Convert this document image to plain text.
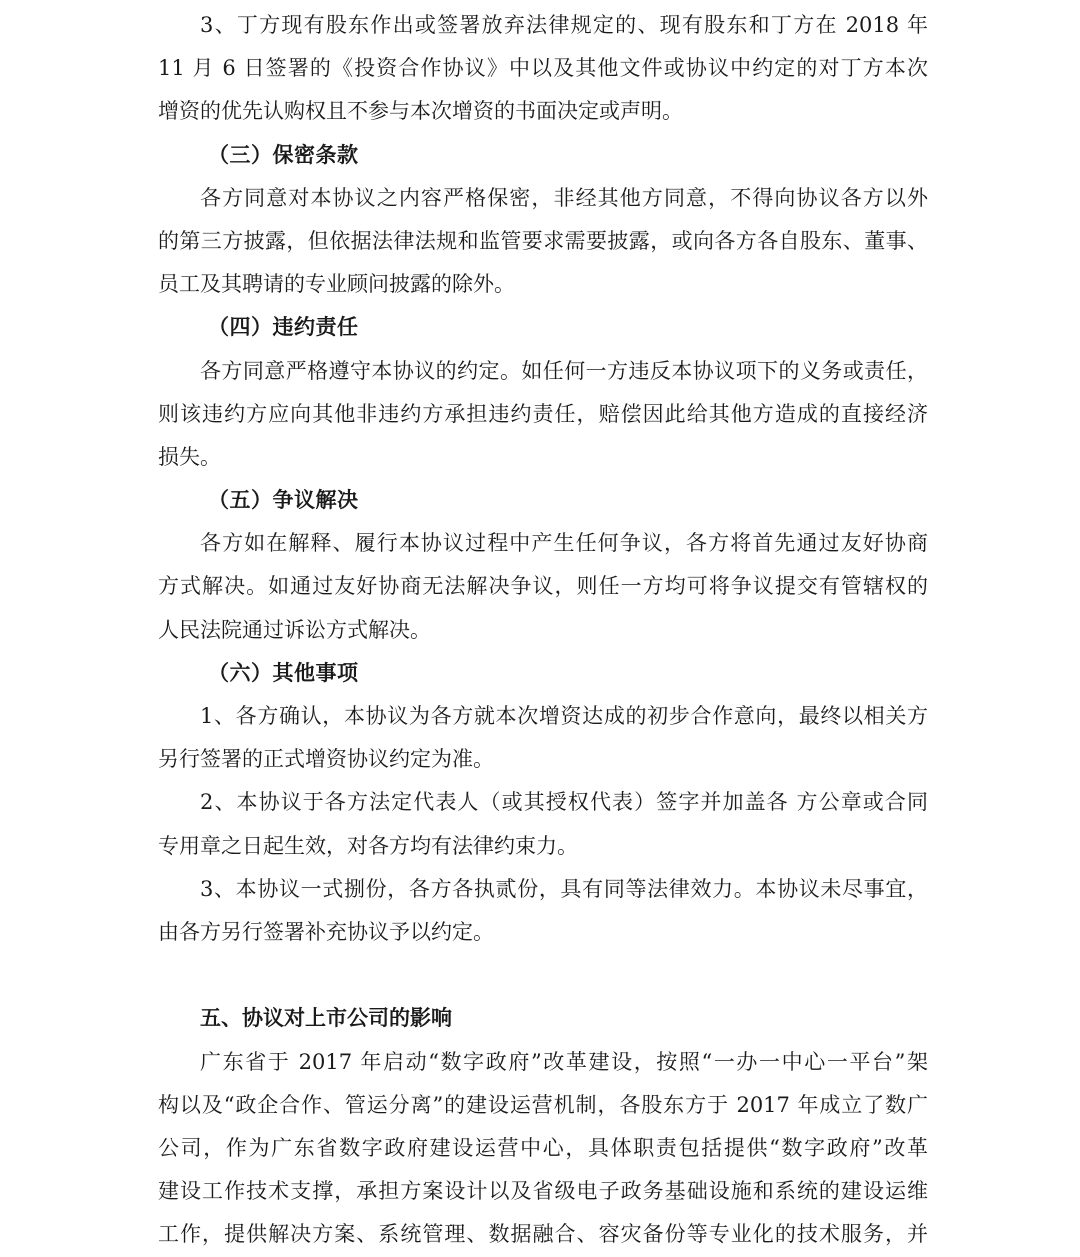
3、丁方现有股东作出或签署放弃法律规定的、现有股东和丁方在 2018 年
11 月 6 日签署的《投资合作协议》中以及其他文件或协议中约定的对丁方本次
增资的优先认购权且不参与本次增资的书面决定或声明。
（三）保密条款
各方同意对本协议之内容严格保密，非经其他方同意，不得向协议各方以外
的第三方披露，但依据法律法规和监管要求需要披露，或向各方各自股东、董事、
员工及其聘请的专业顾问披露的除外。
（四）违约责任
各方同意严格遵守本协议的约定。如任何一方违反本协议项下的义务或责任，
则该违约方应向其他非违约方承担违约责任，赔偿因此给其他方造成的直接经济
损失。
（五）争议解决
各方如在解释、履行本协议过程中产生任何争议，各方将首先通过友好协商
方式解决。如通过友好协商无法解决争议，则任一方均可将争议提交有管辖权的
人民法院通过诉讼方式解决。
（六）其他事项
1、各方确认，本协议为各方就本次增资达成的初步合作意向，最终以相关方
另行签署的正式增资协议约定为准。
2、本协议于各方法定代表人（或其授权代表）签字并加盖各 方公章或合同
专用章之日起生效，对各方均有法律约束力。
3、本协议一式捌份，各方各执贰份，具有同等法律效力。本协议未尽事宜，
由各方另行签署补充协议予以约定。
五、协议对上市公司的影响
广东省于 2017 年启动“数字政府”改革建设，按照“一办一中心一平台”架
构以及“政企合作、管运分离”的建设运营机制，各股东方于 2017 年成立了数广
公司，作为广东省数字政府建设运营中心，具体职责包括提供“数字政府”改革
建设工作技术支撑，承担方案设计以及省级电子政务基础设施和系统的建设运维
工作，提供解决方案、系统管理、数据融合、容灾备份等专业化的技术服务，并
